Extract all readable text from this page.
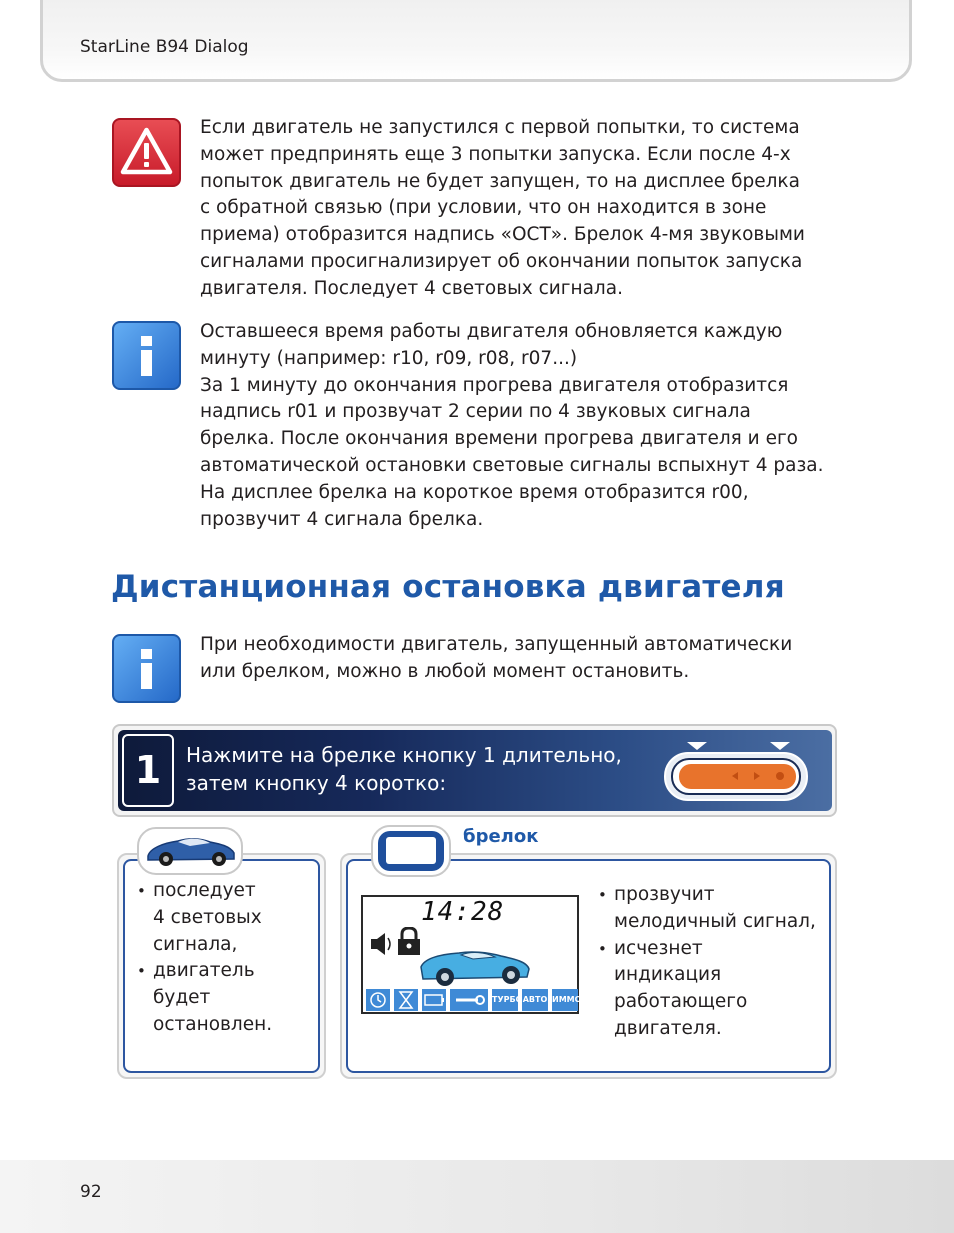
StarLine B94 Dialog
Если двигатель не запустился с первой попытки, то система
может предпринять еще 3 попытки запуска. Если после 4-х
попыток двигатель не будет запущен, то на дисплее брелка
с обратной связью (при условии, что он находится в зоне
приема) отобразится надпись «ОСТ». Брелок 4-мя звуковыми
сигналами просигнализирует об окончании попыток запуска
двигателя. Последует 4 световых сигнала.
Оставшееся время работы двигателя обновляется каждую
минуту (например: r10, r09, r08, r07...)
За 1 минуту до окончания прогрева двигателя отобразится
надпись r01 и прозвучат 2 серии по 4 звуковых сигнала
брелка. После окончания времени прогрева двигателя и его
автоматической остановки световые сигналы вспыхнут 4 раза.
На дисплее брелка на короткое время отобразится r00,
прозвучит 4 сигнала брелка.
Дистанционная остановка двигателя
При необходимости двигатель, запущенный автоматически
или брелком, можно в любой момент остановить.
1	Нажмите на брелке кнопку 1 длительно,
затем кнопку 4 коротко:
• последует
4 световых
сигнала,
• двигатель
будет
остановлен.
брелок
14:28
ТУРБО АВТО ИММО
• прозвучит
мелодичный сигнал,
• исчезнет
индикация
работающего
двигателя.
92
